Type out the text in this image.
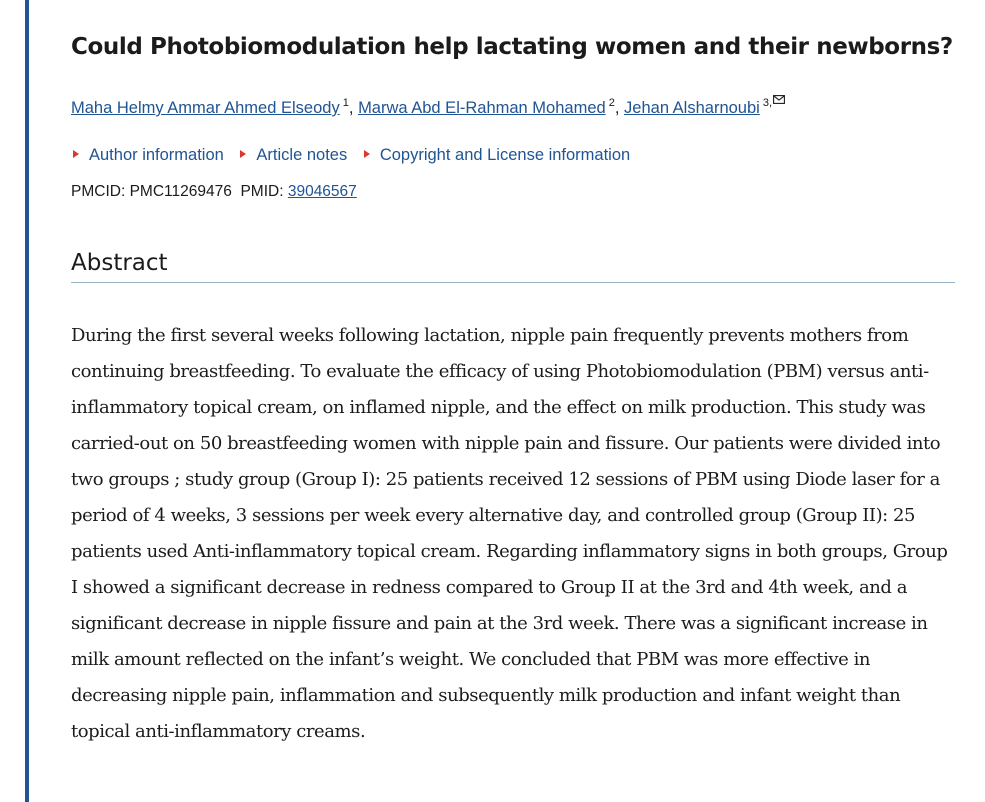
Could Photobiomodulation help lactating women and their newborns?
Maha Helmy Ammar Ahmed Elseody $^1$, Marwa Abd El-Rahman Mohamed $^2$, Jehan Alsharnoubi $^{3,}$
Author information Article notes Copyright and License information
PMCID: PMC11269476 PMID: 39046567
Abstract

During the first several weeks following lactation, nipple pain frequently prevents mothers from continuing breastfeeding. To evaluate the efficacy of using Photobiomodulation (PBM) versus anti-inflammatory topical cream, on inflamed nipple, and the effect on milk production. This study was carried-out on 50 breastfeeding women with nipple pain and fissure. Our patients were divided into two groups ; study group (Group I): 25 patients received 12 sessions of PBM using Diode laser for a period of 4 weeks, 3 sessions per week every alternative day, and controlled group (Group II): 25 patients used Anti-inflammatory topical cream. Regarding inflammatory signs in both groups, Group I showed a significant decrease in redness compared to Group II at the 3rd and 4th week, and a significant decrease in nipple fissure and pain at the 3rd week. There was a significant increase in milk amount reflected on the infant’s weight. We concluded that PBM was more effective in decreasing nipple pain, inflammation and subsequently milk production and infant weight than topical anti-inflammatory creams.
